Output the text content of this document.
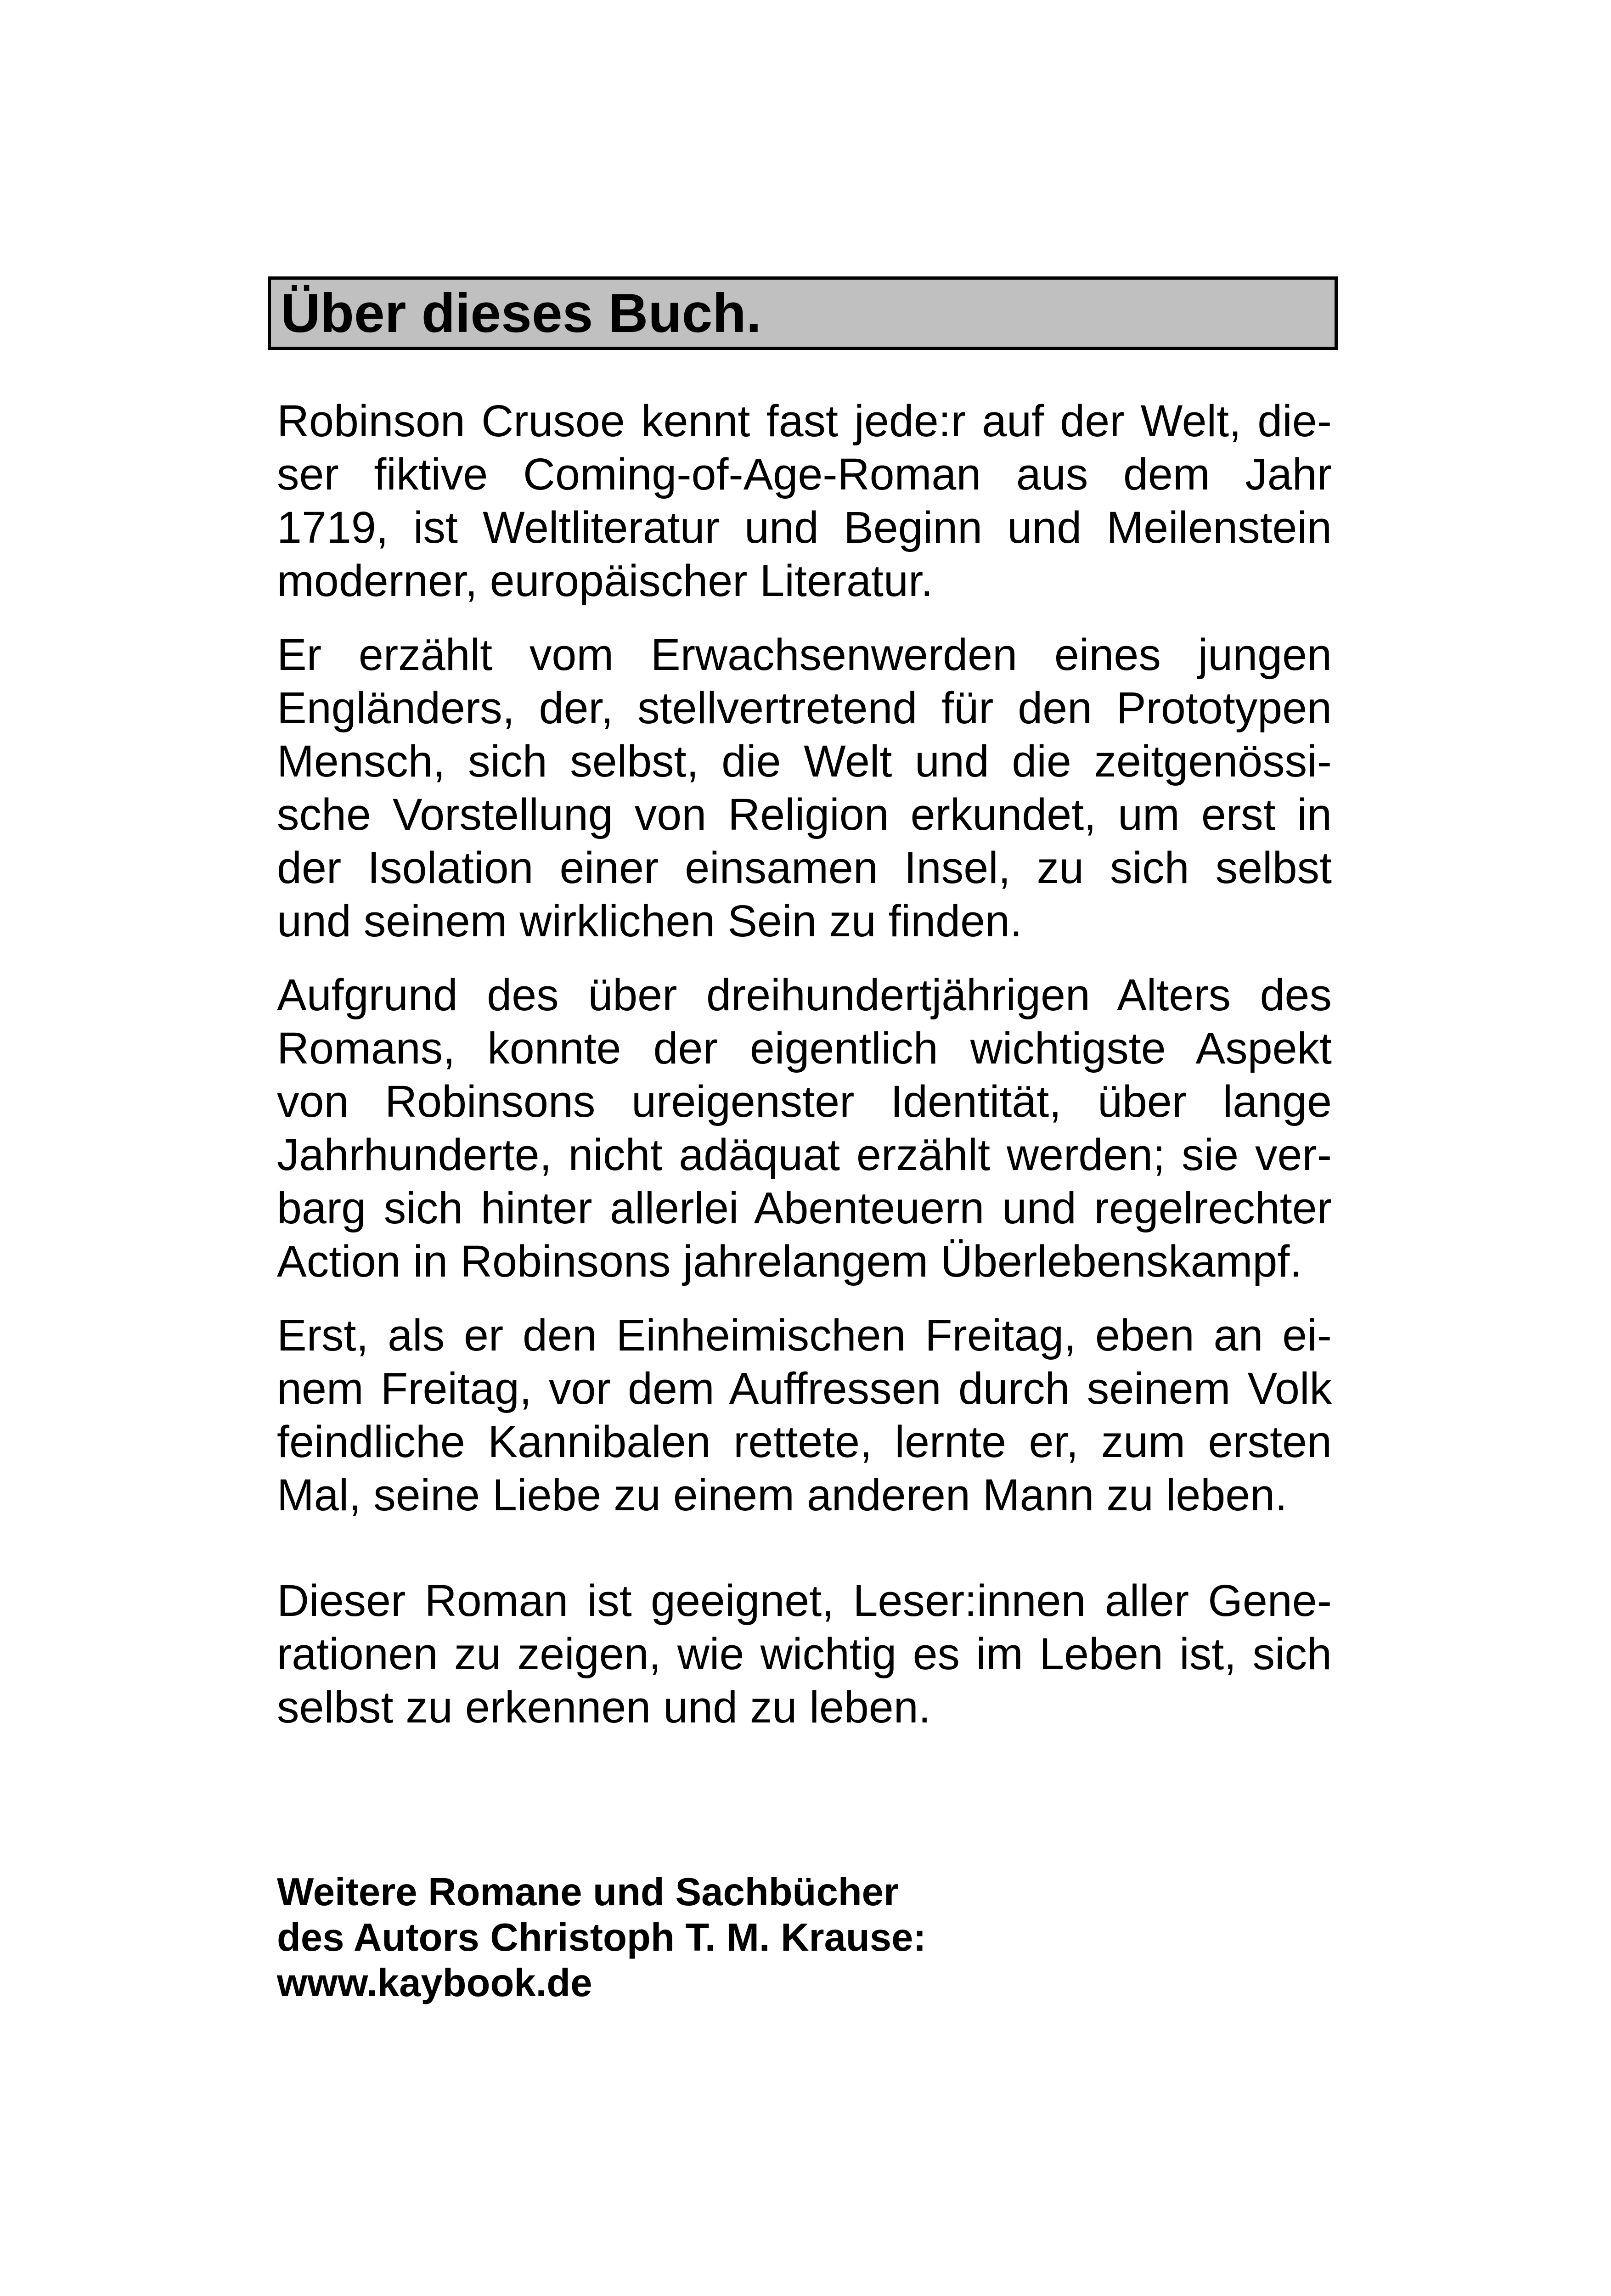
Über dieses Buch.

Robinson Crusoe kennt fast jede:r auf der Welt, die-
ser fiktive Coming-of-Age-Roman aus dem Jahr
1719, ist Weltliteratur und Beginn und Meilenstein
moderner, europäischer Literatur.

Er erzählt vom Erwachsenwerden eines jungen
Engländers, der, stellvertretend für den Prototypen
Mensch, sich selbst, die Welt und die zeitgenössi-
sche Vorstellung von Religion erkundet, um erst in
der Isolation einer einsamen Insel, zu sich selbst
und seinem wirklichen Sein zu finden.

Aufgrund des über dreihundertjährigen Alters des
Romans, konnte der eigentlich wichtigste Aspekt
von Robinsons ureigenster Identität, über lange
Jahrhunderte, nicht adäquat erzählt werden; sie ver-
barg sich hinter allerlei Abenteuern und regelrechter
Action in Robinsons jahrelangem Überlebenskampf.

Erst, als er den Einheimischen Freitag, eben an ei-
nem Freitag, vor dem Auffressen durch seinem Volk
feindliche Kannibalen rettete, lernte er, zum ersten
Mal, seine Liebe zu einem anderen Mann zu leben.

Dieser Roman ist geeignet, Leser:innen aller Gene-
rationen zu zeigen, wie wichtig es im Leben ist, sich
selbst zu erkennen und zu leben.

Weitere Romane und Sachbücher
des Autors Christoph T. M. Krause:
www.kaybook.de
